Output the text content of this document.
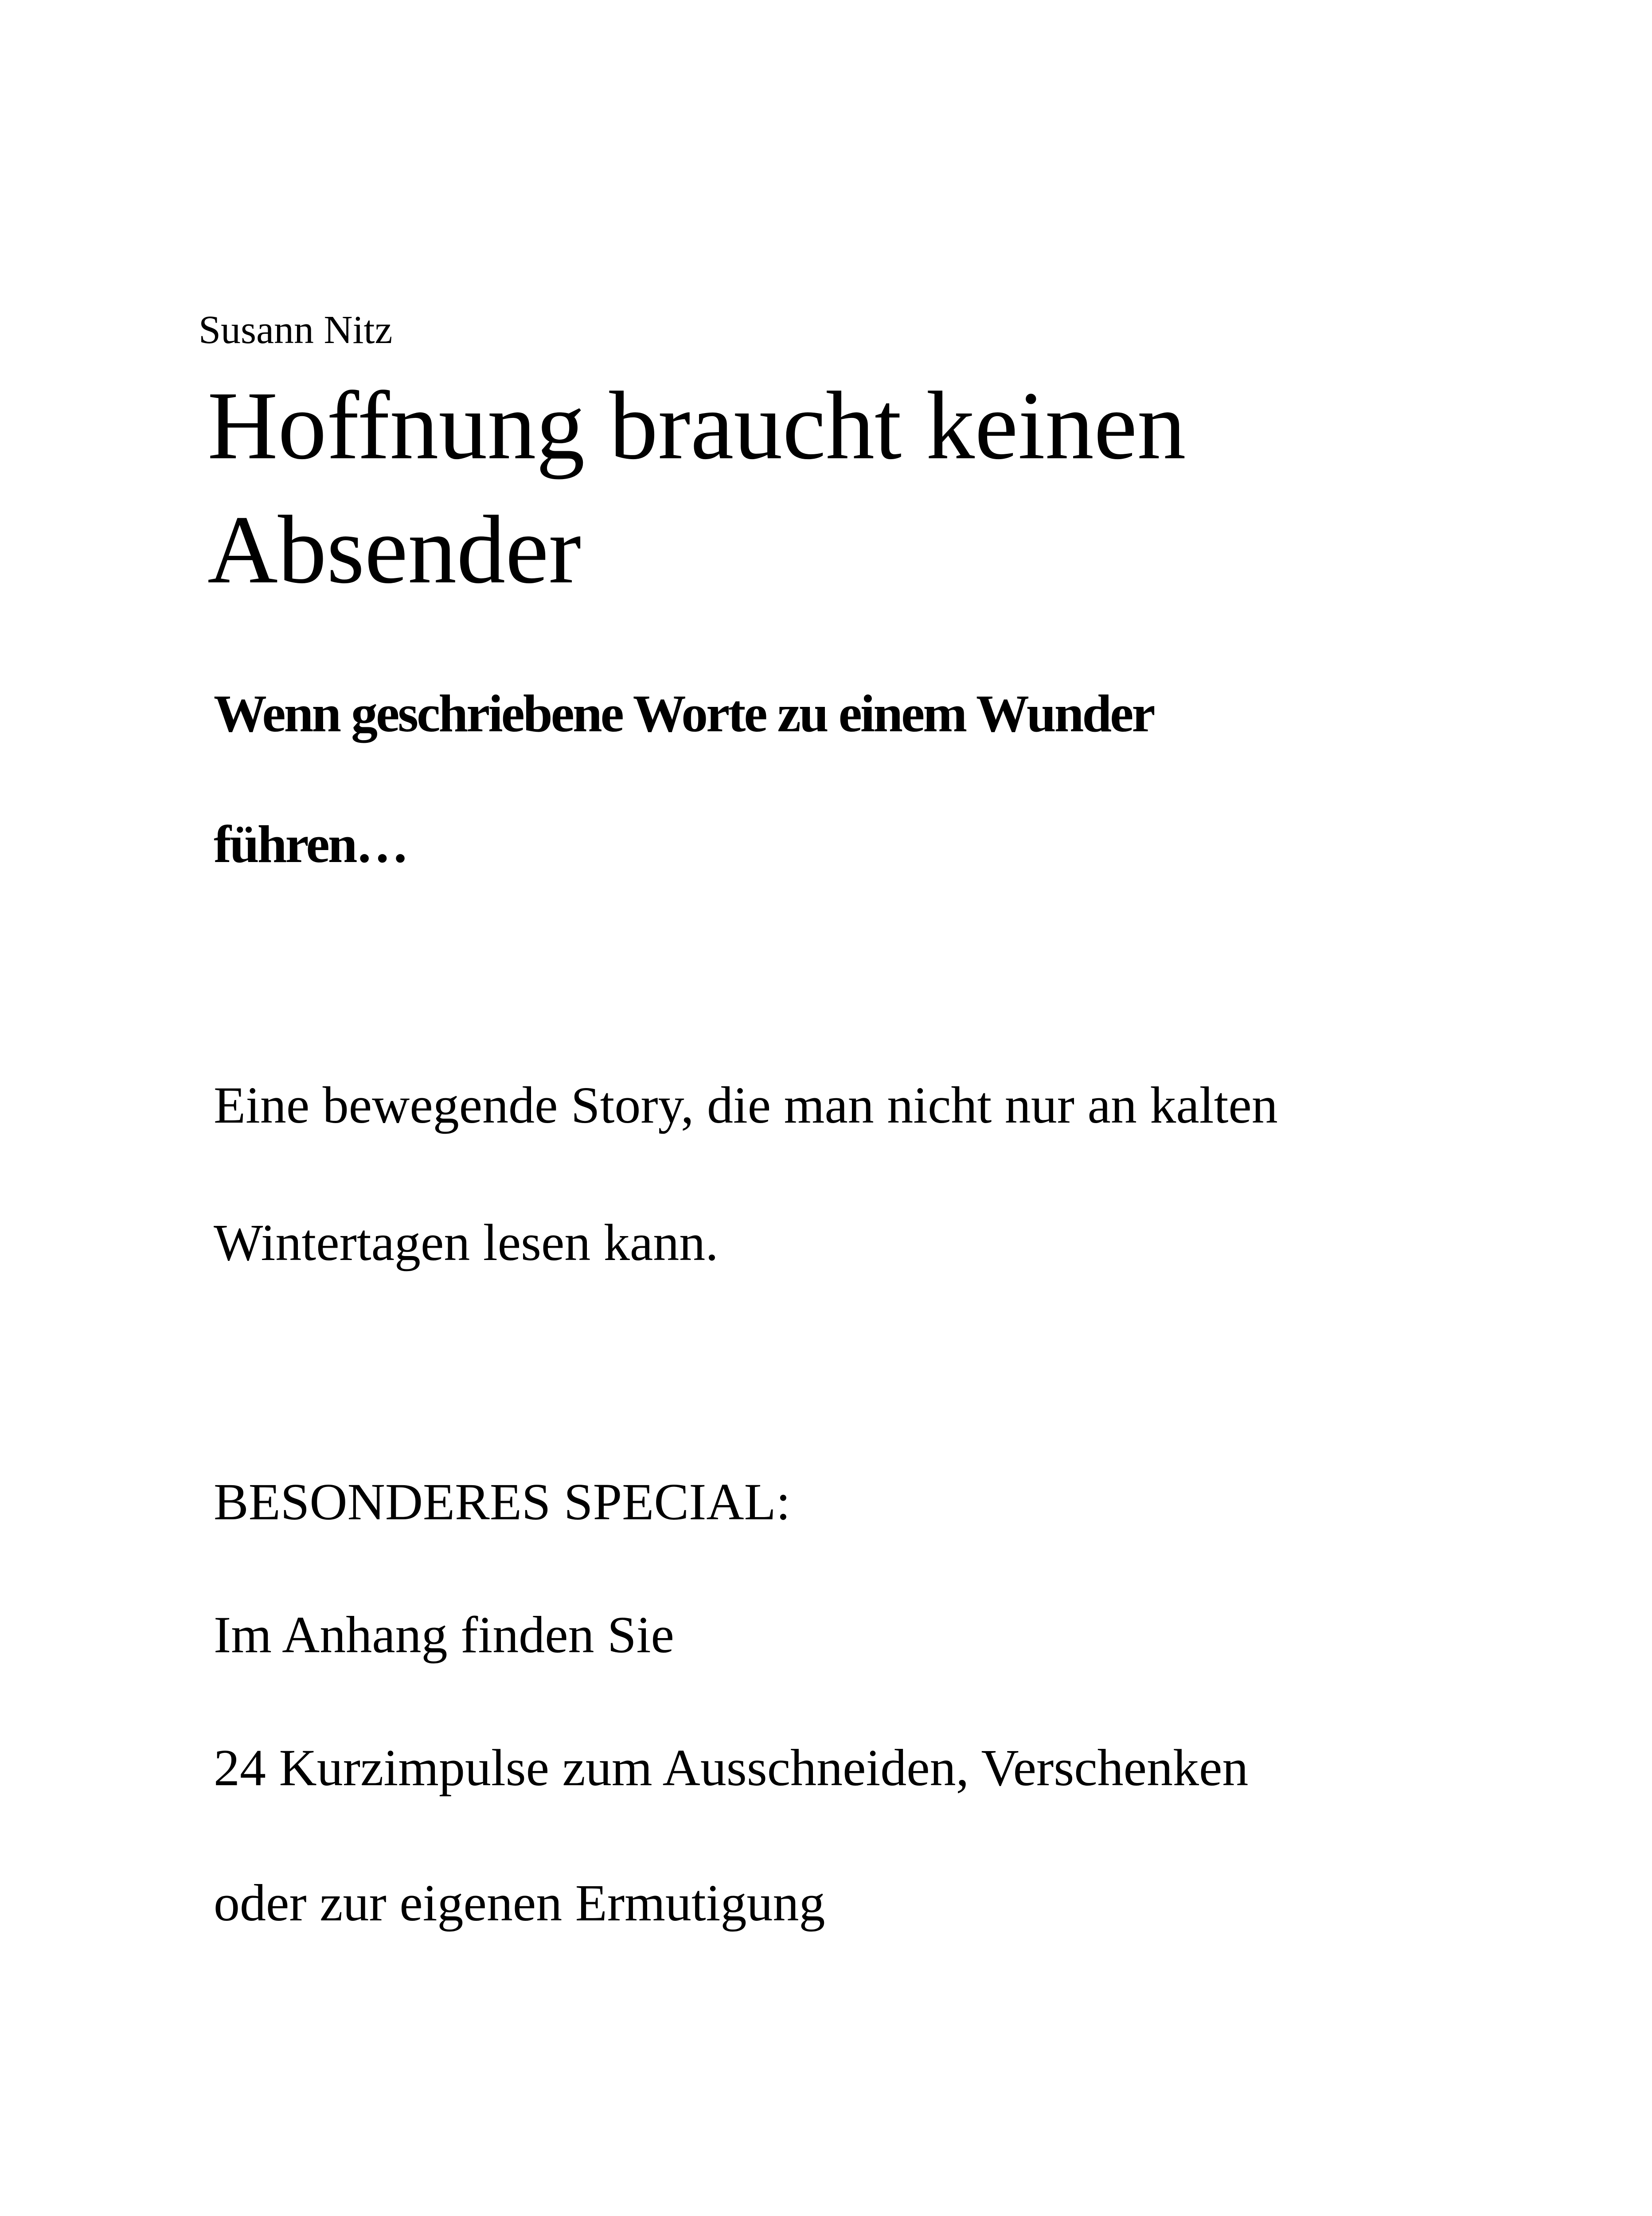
Susann Nitz
Hoffnung braucht keinen
Absender
Wenn geschriebene Worte zu einem Wunder
führen…
Eine bewegende Story, die man nicht nur an kalten
Wintertagen lesen kann.
BESONDERES SPECIAL:
Im Anhang finden Sie
24 Kurzimpulse zum Ausschneiden, Verschenken
oder zur eigenen Ermutigung
